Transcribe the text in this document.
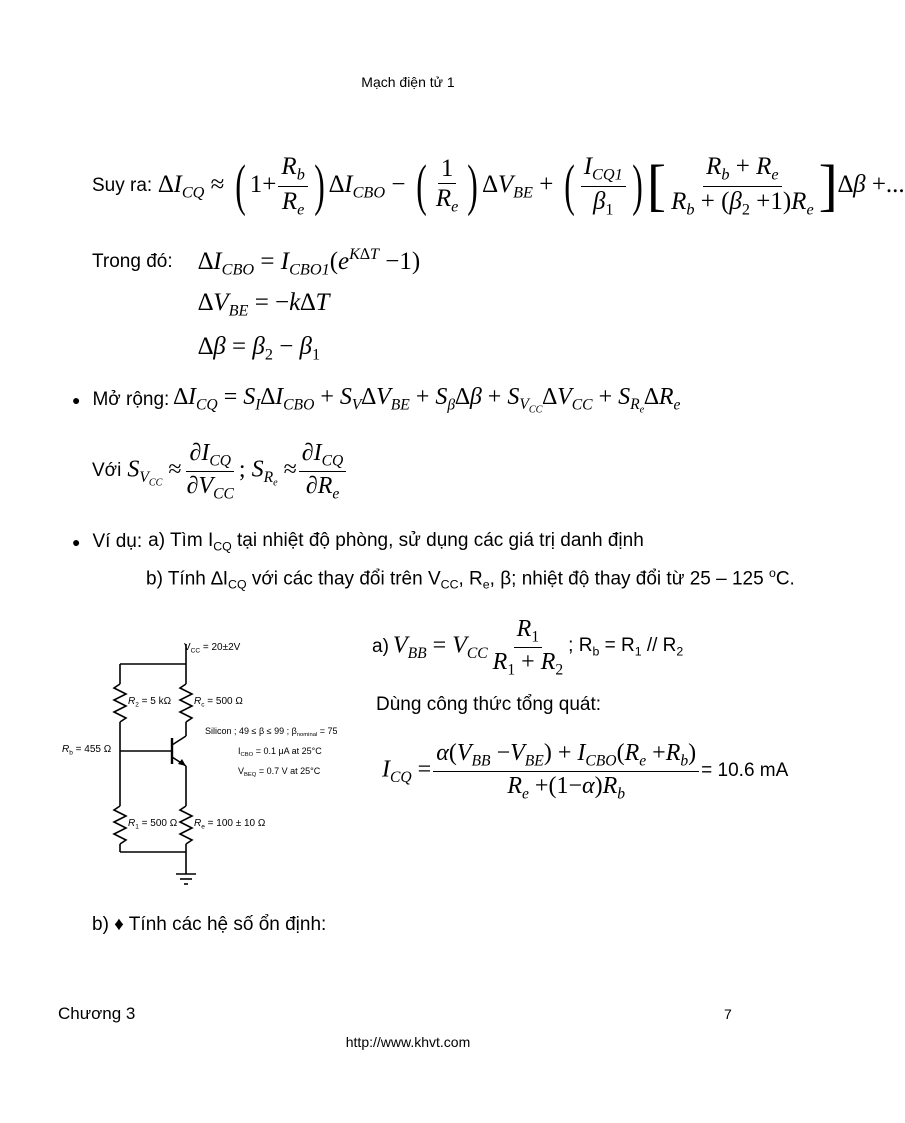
Mạch điện tử 1
Suy ra: $\Delta I_{CQ}$ ≈ ( $1+ \frac{R_b}{R_e}$ ) $\Delta I_{CBO}$ − ( $\frac{1}{R_e}$ ) $\Delta V_{BE}$ + ( $\frac{I_{CQ1}}{\beta_1}$ )[ $\frac{R_b + R_e}{R_b + (\beta_2 +1)R_e} ]\Delta\beta$ +...
Trong đó:	$\Delta I_{CBO} = I_{CBO1}(e^{K\Delta T} -1)$
$\Delta V_{BE} = -k\Delta T$
$\Delta\beta = \beta_2 - \beta_1$
● Mở rộng: $\Delta I_{CQ} = S_I\Delta I_{CBO} + S_V\Delta V_{BE} + S_\beta\Delta\beta + S_{V_{CC}}\Delta V_{CC} + S_{R_e}\Delta R_e$
Với $S_{V_{CC}} \approx \frac{\partial I_{CQ}}{\partial V_{CC}}$ ; $S_{R_e} \approx \frac{\partial I_{CQ}}{\partial R_e}$
● Ví dụ: a) Tìm $I_{CQ}$ tại nhiệt độ phòng, sử dụng các giá trị danh định
b) Tính $\Delta I_{CQ}$ với các thay đổi trên $V_{CC}$, $R_e$, β; nhiệt độ thay đổi từ 25 – 125 $^o$C.
$V_{CC} = 20\pm 2V$
$R_2 = 5$ kΩ $R_c = 500$ Ω
$R_b = 455$ Ω
$R_1 = 500$ Ω $R_e = 100 \pm 10$ Ω
Silicon ; 49 ≤ β ≤ 99 ; $\beta_{nominal} = 75$
$I_{CBO} = 0.1$ μA at 25°C
$V_{BEQ} = 0.7$ V at 25°C
a) $V_{BB} = V_{CC} \frac{R_1}{R_1 + R_2}$ ; $R_b = R_1 // R_2$
Dùng công thức tổng quát:
$I_{CQ} = \frac{\alpha(V_{BB} -V_{BE}) + I_{CBO}(R_e +R_b)}{R_e +(1-\alpha)R_b} = 10.6$ mA
b) ♦ Tính các hệ số ổn định:
Chương 3	7
http://www.khvt.com
